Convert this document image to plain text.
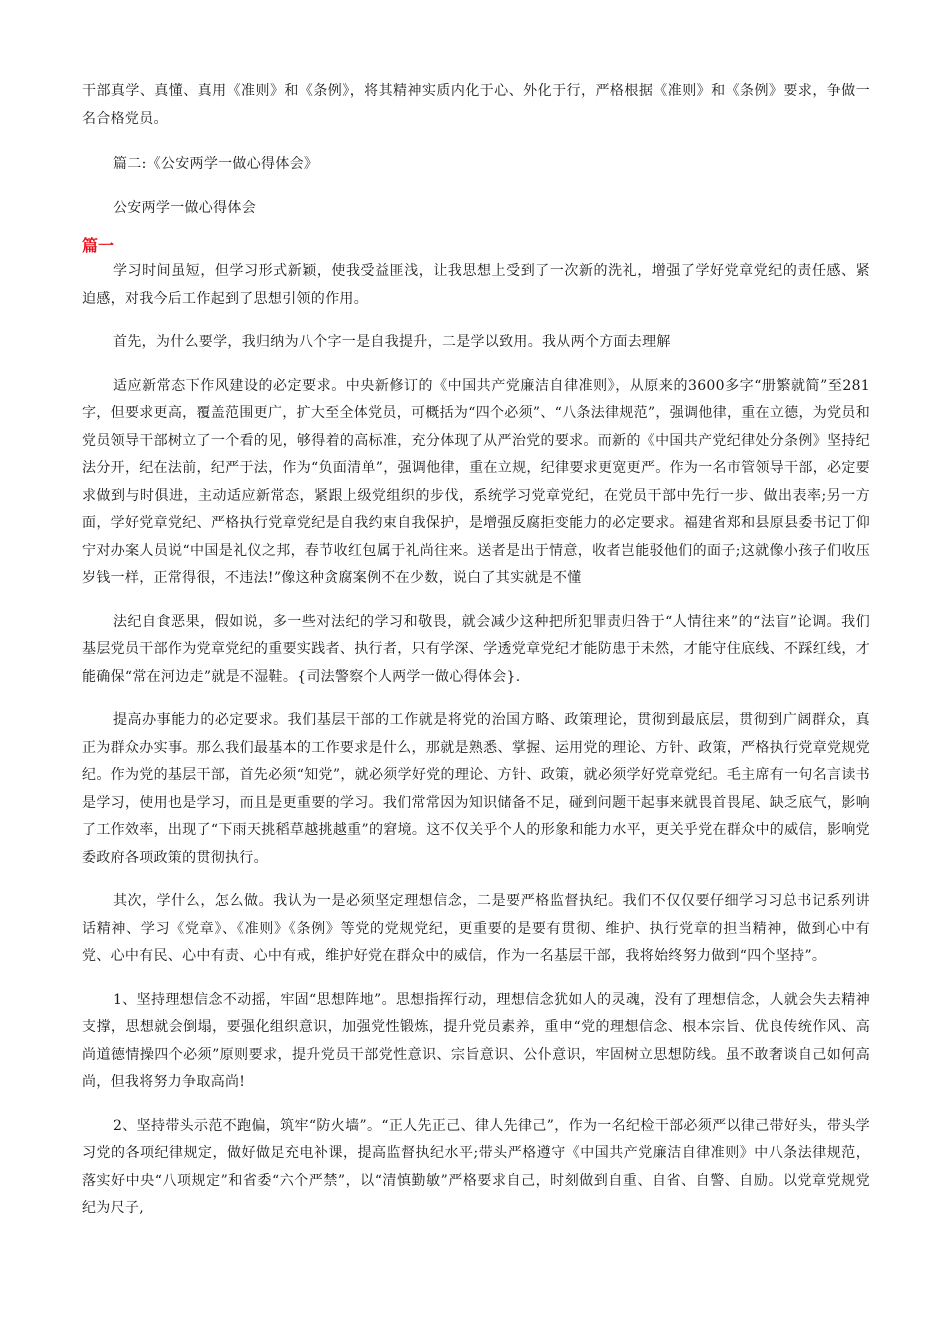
干部真学、真懂、真用《准则》和《条例》，将其精神实质内化于心、外化于行，严格根据《准则》和《条例》要求，争做一名合格党员。

篇二:《公安两学一做心得体会》

公安两学一做心得体会

篇一

学习时间虽短，但学习形式新颖，使我受益匪浅，让我思想上受到了一次新的洗礼，增强了学好党章党纪的责任感、紧迫感，对我今后工作起到了思想引领的作用。

首先，为什么要学，我归纳为八个字一是自我提升，二是学以致用。我从两个方面去理解

适应新常态下作风建设的必定要求。中央新修订的《中国共产党廉洁自律准则》，从原来的3600多字“册繁就简”至281字，但要求更高，覆盖范围更广，扩大至全体党员，可概括为“四个必须”、“八条法律规范”，强调他律，重在立德，为党员和党员领导干部树立了一个看的见，够得着的高标准，充分体现了从严治党的要求。而新的《中国共产党纪律处分条例》坚持纪法分开，纪在法前，纪严于法，作为“负面清单”，强调他律，重在立规，纪律要求更宽更严。作为一名市管领导干部，必定要求做到与时俱进，主动适应新常态，紧跟上级党组织的步伐，系统学习党章党纪，在党员干部中先行一步、做出表率;另一方面，学好党章党纪、严格执行党章党纪是自我约束自我保护，是增强反腐拒变能力的必定要求。福建省郑和县原县委书记丁仰宁对办案人员说“中国是礼仪之邦，春节收红包属于礼尚往来。送者是出于情意，收者岂能驳他们的面子;这就像小孩子们收压岁钱一样，正常得很，不违法!”像这种贪腐案例不在少数，说白了其实就是不懂

法纪自食恶果，假如说，多一些对法纪的学习和敬畏，就会减少这种把所犯罪责归咎于“人情往来”的“法盲”论调。我们基层党员干部作为党章党纪的重要实践者、执行者，只有学深、学透党章党纪才能防患于未然，才能守住底线、不踩红线，才能确保“常在河边走”就是不湿鞋。{司法警察个人两学一做心得体会}.

提高办事能力的必定要求。我们基层干部的工作就是将党的治国方略、政策理论，贯彻到最底层，贯彻到广阔群众，真正为群众办实事。那么我们最基本的工作要求是什么，那就是熟悉、掌握、运用党的理论、方针、政策，严格执行党章党规党纪。作为党的基层干部，首先必须“知党”，就必须学好党的理论、方针、政策，就必须学好党章党纪。毛主席有一句名言读书是学习，使用也是学习，而且是更重要的学习。我们常常因为知识储备不足，碰到问题干起事来就畏首畏尾、缺乏底气，影响了工作效率，出现了“下雨天挑稻草越挑越重”的窘境。这不仅关乎个人的形象和能力水平，更关乎党在群众中的威信，影响党委政府各项政策的贯彻执行。

其次，学什么，怎么做。我认为一是必须坚定理想信念，二是要严格监督执纪。我们不仅仅要仔细学习习总书记系列讲话精神、学习《党章》、《准则》《条例》等党的党规党纪，更重要的是要有贯彻、维护、执行党章的担当精神，做到心中有党、心中有民、心中有责、心中有戒，维护好党在群众中的威信，作为一名基层干部，我将始终努力做到“四个坚持”。

1、坚持理想信念不动摇，牢固“思想阵地”。思想指挥行动，理想信念犹如人的灵魂，没有了理想信念，人就会失去精神支撑，思想就会倒塌，要强化组织意识，加强党性锻炼，提升党员素养，重申“党的理想信念、根本宗旨、优良传统作风、高尚道德情操四个必须”原则要求，提升党员干部党性意识、宗旨意识、公仆意识，牢固树立思想防线。虽不敢奢谈自己如何高尚，但我将努力争取高尚!

2、坚持带头示范不跑偏，筑牢“防火墙”。“正人先正己、律人先律己”，作为一名纪检干部必须严以律己带好头，带头学习党的各项纪律规定，做好做足充电补课，提高监督执纪水平;带头严格遵守《中国共产党廉洁自律准则》中八条法律规范，落实好中央“八项规定”和省委“六个严禁”，以“清慎勤敏”严格要求自己，时刻做到自重、自省、自警、自励。以党章党规党纪为尺子,
